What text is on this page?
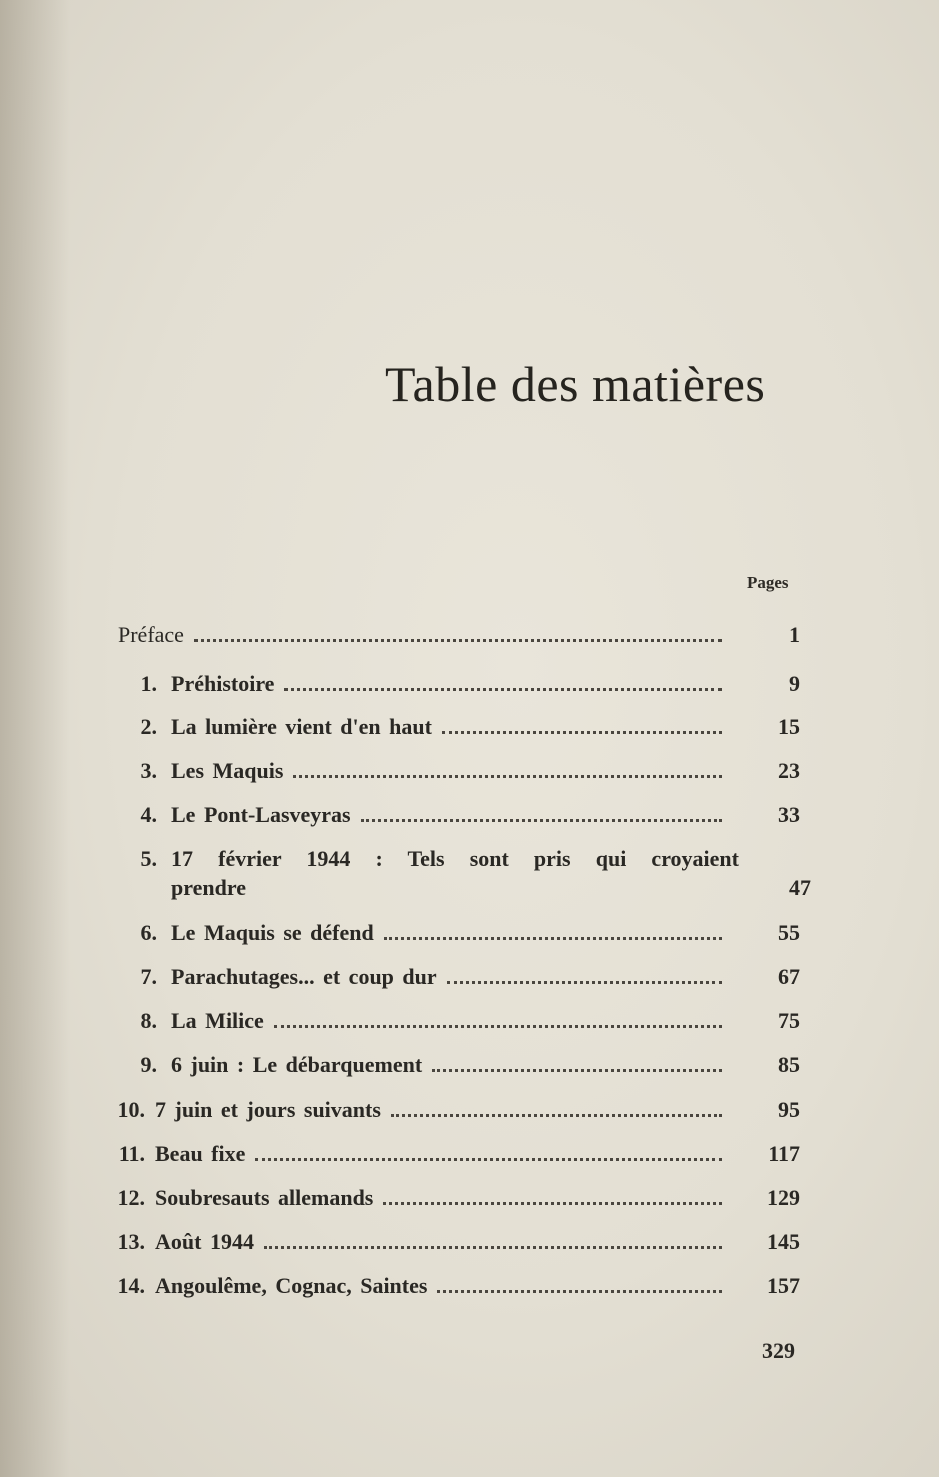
Table des matières
Pages
Préface	1
1. Préhistoire	9
2. La lumière vient d'en haut	15
3. Les Maquis	23
4. Le Pont-Lasveyras	33
5. 17 février 1944 : Tels sont pris qui croyaient
prendre	47
6. Le Maquis se défend	55
7. Parachutages... et coup dur	67
8. La Milice	75
9. 6 juin : Le débarquement	85
10. 7 juin et jours suivants	95
11. Beau fixe	117
12. Soubresauts allemands	129
13. Août 1944	145
14. Angoulême, Cognac, Saintes	157
329
